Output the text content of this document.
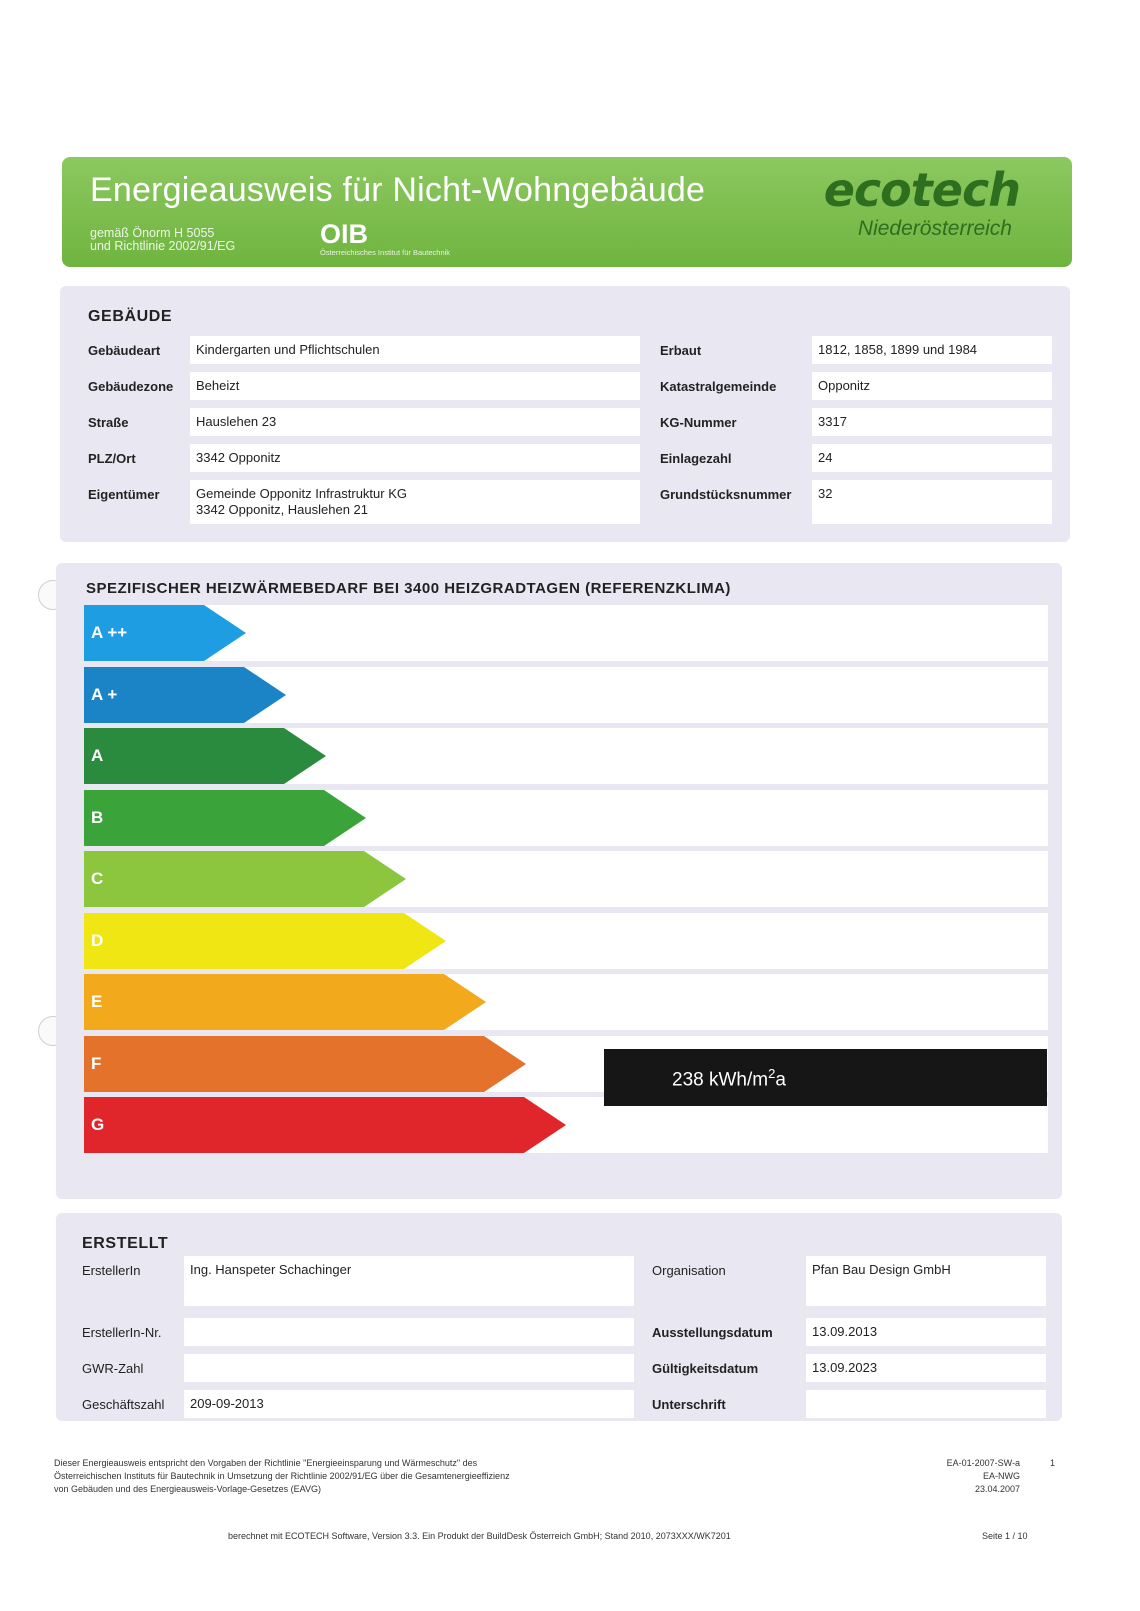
Energieausweis für Nicht-Wohngebäude
gemäß Önorm H 5055
und Richtlinie 2002/91/EG	OIB
Österreichisches Institut für Bautechnik
ecotech
Niederösterreich
GEBÄUDE
Gebäudeart	Kindergarten und Pflichtschulen
Gebäudezone Beheizt
Straße	Hauslehen 23
PLZ/Ort	3342 Opponitz
Eigentümer	Gemeinde Opponitz Infrastruktur KG
3342 Opponitz, Hauslehen 21
Erbaut	1812, 1858, 1899 und 1984
Katastralgemeinde	Opponitz
KG-Nummer	3317
Einlagezahl	24
Grundstücksnummer	32
SPEZIFISCHER HEIZWÄRMEBEDARF BEI 3400 HEIZGRADTAGEN (REFERENZKLIMA)
A ++
A +
A
B
C
D
E
F
G
238 kWh/$m^2a$
ERSTELLT
ErstellerIn	Ing. Hanspeter Schachinger
ErstellerIn-Nr.
GWR-Zahl
Geschäftszahl	209-09-2013
Organisation	Pfan Bau Design GmbH
Ausstellungsdatum	13.09.2013
Gültigkeitsdatum	13.09.2023
Unterschrift
Dieser Energieausweis entspricht den Vorgaben der Richtlinie "Energieeinsparung und Wärmeschutz" des
Österreichischen Instituts für Bautechnik in Umsetzung der Richtlinie 2002/91/EG über die Gesamtenergieeffizienz
von Gebäuden und des Energieausweis-Vorlage-Gesetzes (EAVG)
EA-01-2007-SW-a
EA-NWG
23.04.2007
1
berechnet mit ECOTECH Software, Version 3.3. Ein Produkt der BuildDesk Österreich GmbH; Stand 2010, 2073XXX/WK7201	Seite 1 / 10
